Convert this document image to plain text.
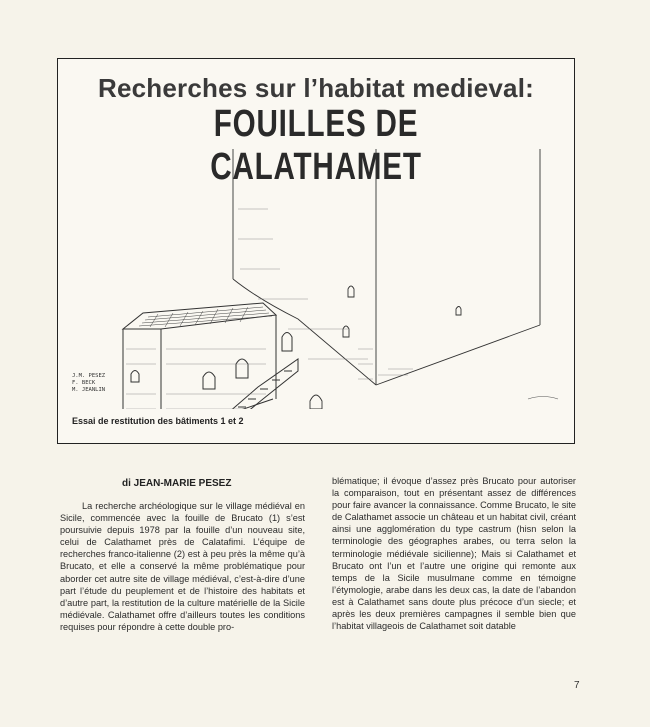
Recherches sur l’habitat medieval:
FOUILLES DE CALATHAMET
J.M. PESEZ
F. BECK
M. JEANLIN
Essai de restitution des bâtiments 1 et 2
di JEAN-MARIE PESEZ

La recherche archéologique sur le village médiéval en Sicile, commencée avec la fouille de Brucato (1) s’est poursuivie depuis 1978 par la fouille d’un nouveau site, celui de Calathamet près de Calatafimi. L’équipe de recherches franco-italienne (2) est à peu près la même qu’à Brucato, et elle a conservé la même problématique pour aborder cet autre site de village médiéval, c’est-à-dire d’une part l’étude du peuplement et de l’histoire des habitats et d’autre part, la restitution de la culture matérielle de la Sicile médiévale. Calathamet offre d’ailleurs toutes les conditions requises pour répondre à cette double pro-

blématique; il évoque d’assez près Brucato pour autoriser la comparaison, tout en présentant assez de différences pour faire avancer la connaissance. Comme Brucato, le site de Calathamet associe un château et un habitat civil, créant ainsi une agglomération du type castrum (hisn selon la terminologie des géographes arabes, ou terra selon la terminologie médiévale sicilienne); Mais si Calathamet et Brucato ont l’un et l’autre une origine qui remonte aux temps de la Sicile musulmane comme en témoigne l’étymologie, arabe dans les deux cas, la date de l’abandon est à Calathamet sans doute plus précoce d’un siecle; et après les deux premières campagnes il semble bien que l’habitat villageois de Calathamet soit datable

7
